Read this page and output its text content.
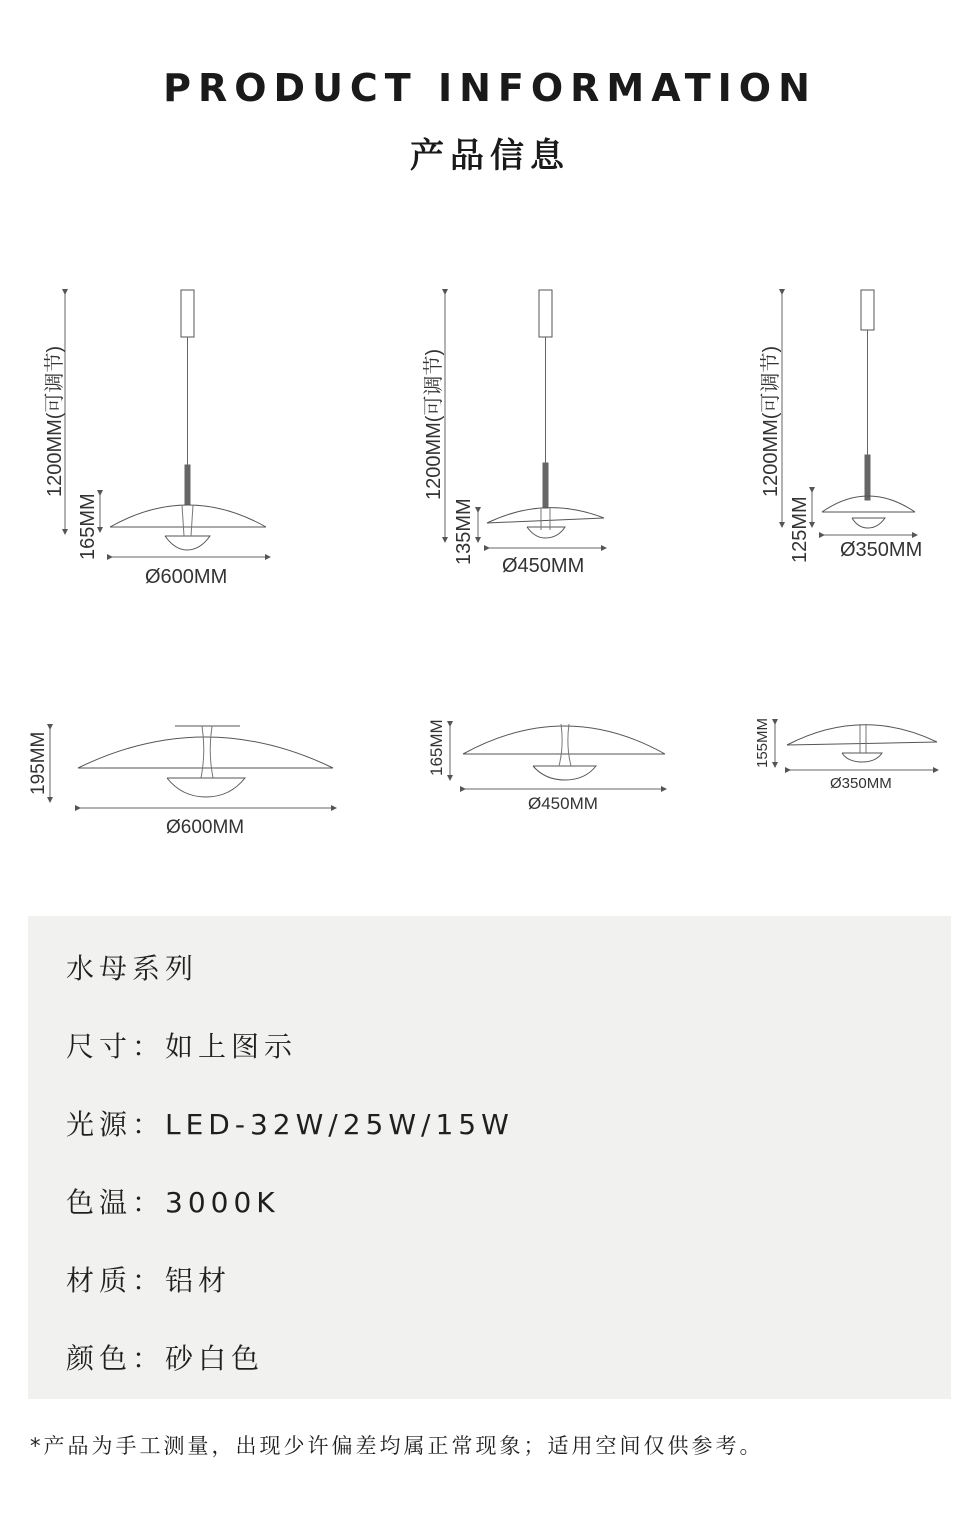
PRODUCT INFORMATION
产品信息
1200MM(可调节)
165MM
Ø600MM
1200MM(可调节)
135MM
Ø450MM
1200MM(可调节)
125MM Ø350MM
195MM
Ø600MM
165MM
Ø450MM
155MM
Ø350MM
水母系列
尺寸：如上图示
光源：LED-32W/25W/15W
色温：3000K
材质：铝材
颜色：砂白色
*产品为手工测量，出现少许偏差均属正常现象；适用空间仅供参考。
